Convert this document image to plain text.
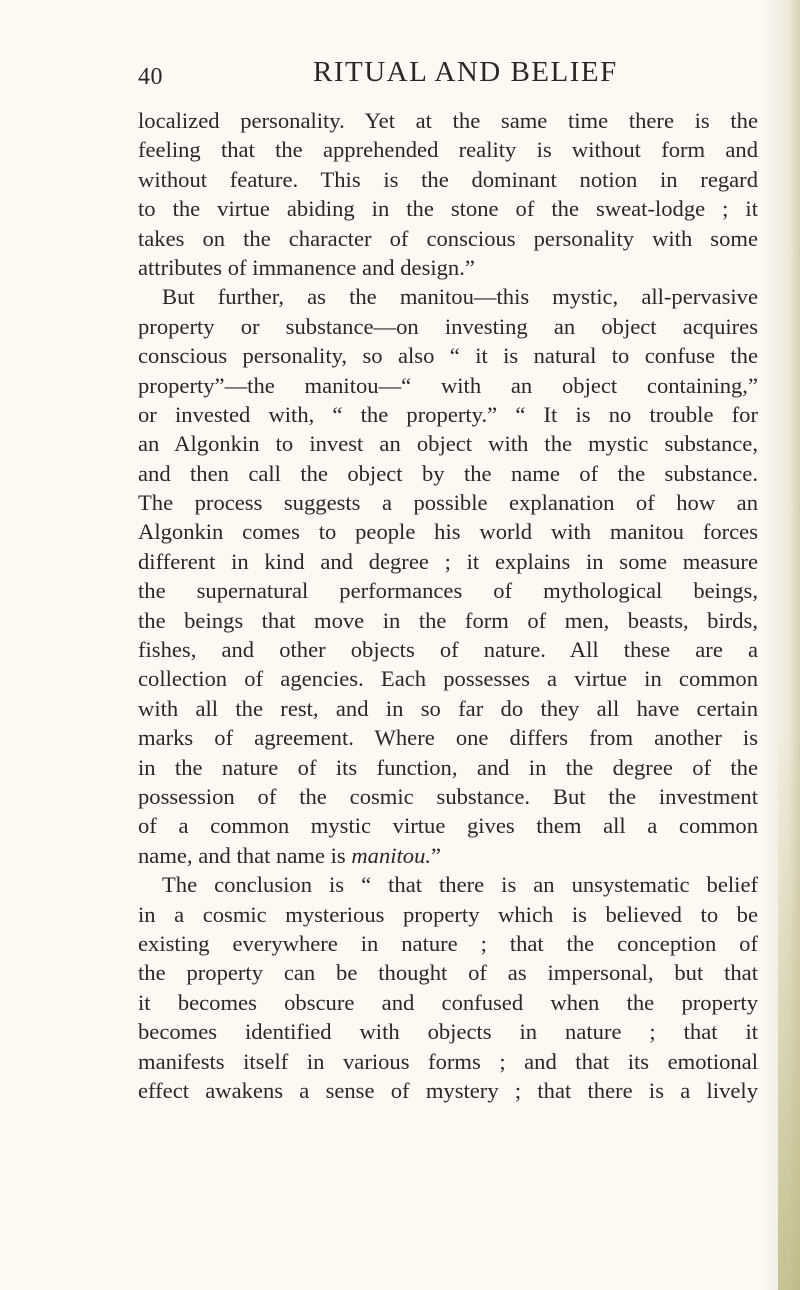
40	RITUAL AND BELIEF
localized personality. Yet at the same time there is the
feeling that the apprehended reality is without form and
without feature. This is the dominant notion in regard
to the virtue abiding in the stone of the sweat-lodge ; it
takes on the character of conscious personality with some
attributes of immanence and design.”
But further, as the manitou—this mystic, all-pervasive
property or substance—on investing an object acquires
conscious personality, so also “ it is natural to confuse the
property”—the manitou—“ with an object containing,”
or invested with, “ the property.” “ It is no trouble for
an Algonkin to invest an object with the mystic substance,
and then call the object by the name of the substance.
The process suggests a possible explanation of how an
Algonkin comes to people his world with manitou forces
different in kind and degree ; it explains in some measure
the supernatural performances of mythological beings,
the beings that move in the form of men, beasts, birds,
fishes, and other objects of nature. All these are a
collection of agencies. Each possesses a virtue in common
with all the rest, and in so far do they all have certain
marks of agreement. Where one differs from another is
in the nature of its function, and in the degree of the
possession of the cosmic substance. But the investment
of a common mystic virtue gives them all a common
name, and that name is manitou.”
The conclusion is “ that there is an unsystematic belief
in a cosmic mysterious property which is believed to be
existing everywhere in nature ; that the conception of
the property can be thought of as impersonal, but that
it becomes obscure and confused when the property
becomes identified with objects in nature ; that it
manifests itself in various forms ; and that its emotional
effect awakens a sense of mystery ; that there is a lively
